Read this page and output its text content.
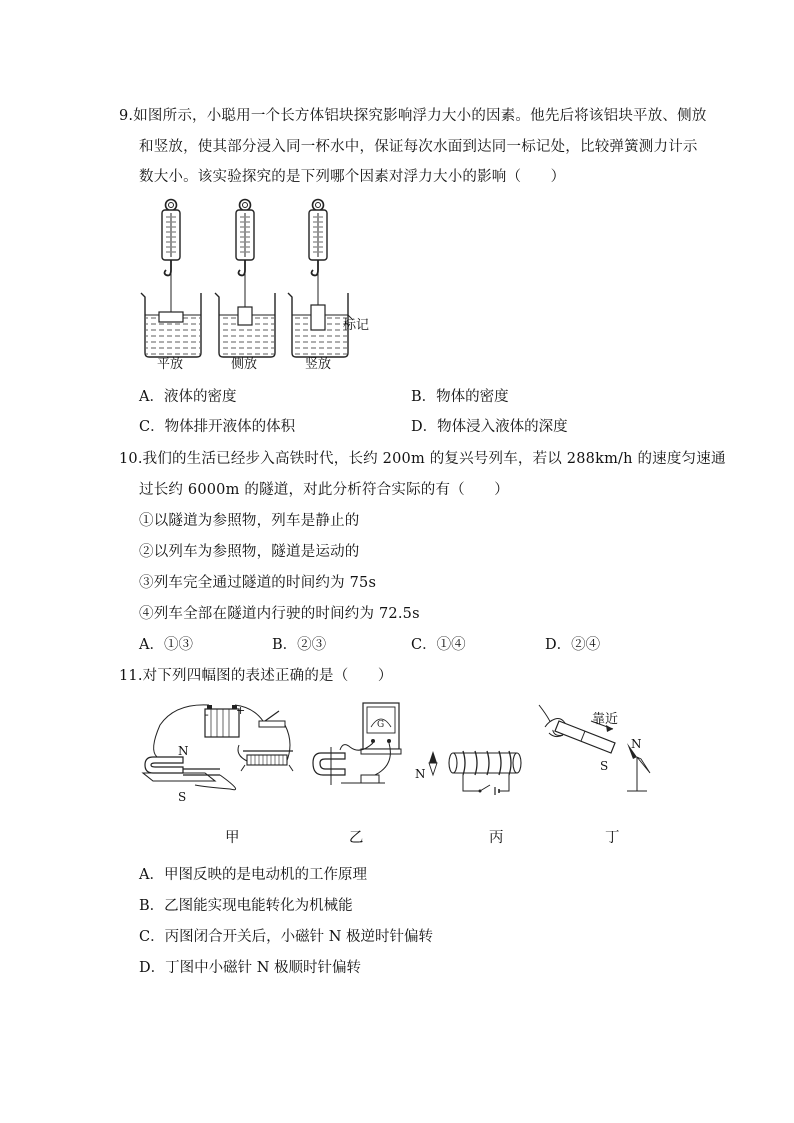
9.如图所示，小聪用一个长方体铝块探究影响浮力大小的因素。他先后将该铝块平放、侧放
和竖放，使其部分浸入同一杯水中，保证每次水面到达同一标记处，比较弹簧测力计示
数大小。该实验探究的是下列哪个因素对浮力大小的影响（　　）
标记
平放	侧放	竖放
A．液体的密度	B．物体的密度
C．物体排开液体的体积	D．物体浸入液体的深度
10.我们的生活已经步入高铁时代，长约 200m 的复兴号列车，若以 288km/h 的速度匀速通
过长约 6000m 的隧道，对此分析符合实际的有（　　）
①以隧道为参照物，列车是静止的
②以列车为参照物，隧道是运动的
③列车完全通过隧道的时间约为 75s
④列车全部在隧道内行驶的时间约为 72.5s
A．①③	B．②③	C．①④	D．②④
11.对下列四幅图的表述正确的是（　　）
G
- +
N
S
N
靠近
S
N
甲	乙	丙	丁
A．甲图反映的是电动机的工作原理
B．乙图能实现电能转化为机械能
C．丙图闭合开关后，小磁针 N 极逆时针偏转
D．丁图中小磁针 N 极顺时针偏转
